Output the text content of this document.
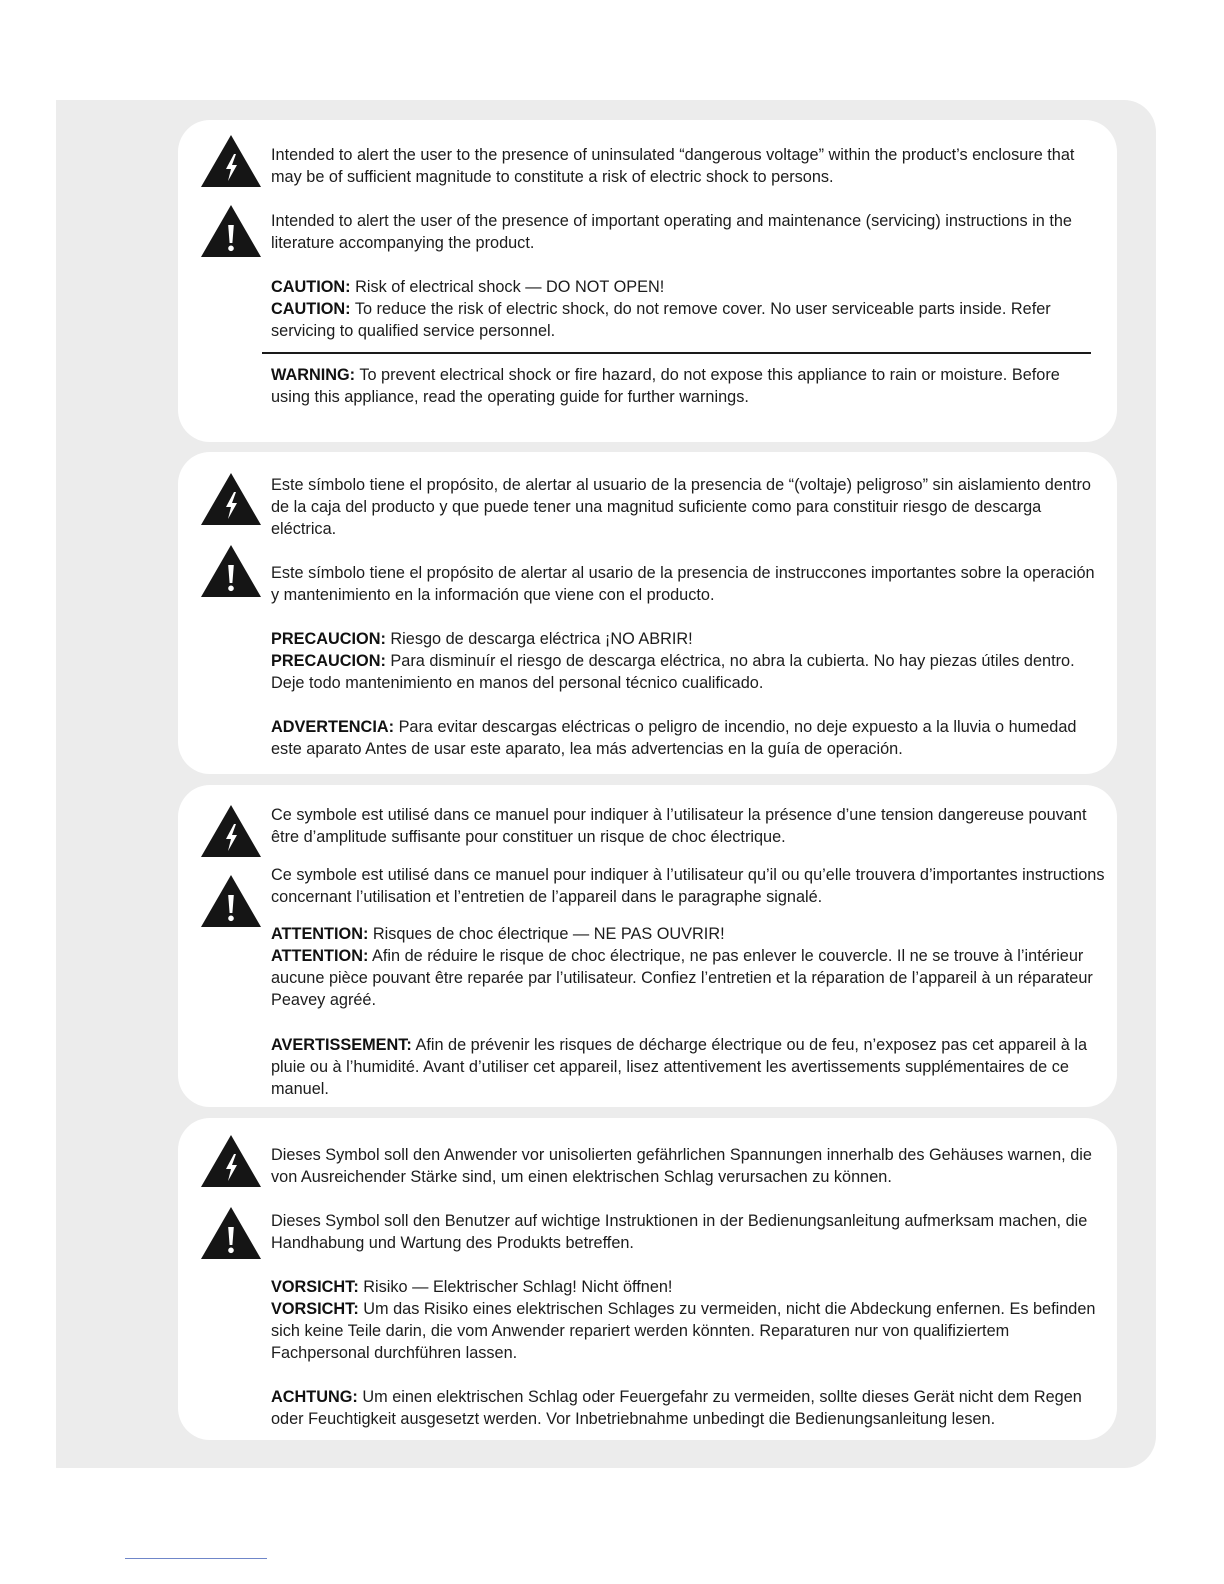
Intended to alert the user to the presence of uninsulated “dangerous voltage” within the product’s enclosure that may be of sufficient magnitude to constitute a risk of electric shock to persons.

Intended to alert the user of the presence of important operating and maintenance (servicing) instructions in the literature accompanying the product.

CAUTION: Risk of electrical shock — DO NOT OPEN!

CAUTION: To reduce the risk of electric shock, do not remove cover. No user serviceable parts inside. Refer servicing to qualified service personnel.

WARNING: To prevent electrical shock or fire hazard, do not expose this appliance to rain or moisture. Before using this appliance, read the operating guide for further warnings.

Este símbolo tiene el propósito, de alertar al usuario de la presencia de “(voltaje) peligroso” sin aislamiento dentro de la caja del producto y que puede tener una magnitud suficiente como para constituir riesgo de descarga eléctrica.

Este símbolo tiene el propósito de alertar al usario de la presencia de instruccones importantes sobre la operación y mantenimiento en la información que viene con el producto.

PRECAUCION: Riesgo de descarga eléctrica ¡NO ABRIR!

PRECAUCION: Para disminuír el riesgo de descarga eléctrica, no abra la cubierta. No hay piezas útiles dentro. Deje todo mantenimiento en manos del personal técnico cualificado.

ADVERTENCIA: Para evitar descargas eléctricas o peligro de incendio, no deje expuesto a la lluvia o humedad este aparato Antes de usar este aparato, lea más advertencias en la guía de operación.

Ce symbole est utilisé dans ce manuel pour indiquer à l’utilisateur la présence d’une tension dangereuse pouvant être d’amplitude suffisante pour constituer un risque de choc électrique.

Ce symbole est utilisé dans ce manuel pour indiquer à l’utilisateur qu’il ou qu’elle trouvera d’importantes instructions concernant l’utilisation et l’entretien de l’appareil dans le paragraphe signalé.

ATTENTION: Risques de choc électrique — NE PAS OUVRIR!

ATTENTION: Afin de réduire le risque de choc électrique, ne pas enlever le couvercle. Il ne se trouve à l’intérieur aucune pièce pouvant être reparée par l’utilisateur. Confiez l’entretien et la réparation de l’appareil à un réparateur Peavey agréé.

AVERTISSEMENT: Afin de prévenir les risques de décharge électrique ou de feu, n’exposez pas cet appareil à la pluie ou à l’humidité. Avant d’utiliser cet appareil, lisez attentivement les avertissements supplémentaires de ce manuel.

Dieses Symbol soll den Anwender vor unisolierten gefährlichen Spannungen innerhalb des Gehäuses warnen, die von Ausreichender Stärke sind, um einen elektrischen Schlag verursachen zu können.

Dieses Symbol soll den Benutzer auf wichtige Instruktionen in der Bedienungsanleitung aufmerksam machen, die Handhabung und Wartung des Produkts betreffen.

VORSICHT: Risiko — Elektrischer Schlag! Nicht öffnen!

VORSICHT: Um das Risiko eines elektrischen Schlages zu vermeiden, nicht die Abdeckung enfernen. Es befinden sich keine Teile darin, die vom Anwender repariert werden könnten. Reparaturen nur von qualifiziertem Fachpersonal durchführen lassen.

ACHTUNG: Um einen elektrischen Schlag oder Feuergefahr zu vermeiden, sollte dieses Gerät nicht dem Regen oder Feuchtigkeit ausgesetzt werden. Vor Inbetriebnahme unbedingt die Bedienungsanleitung lesen.
